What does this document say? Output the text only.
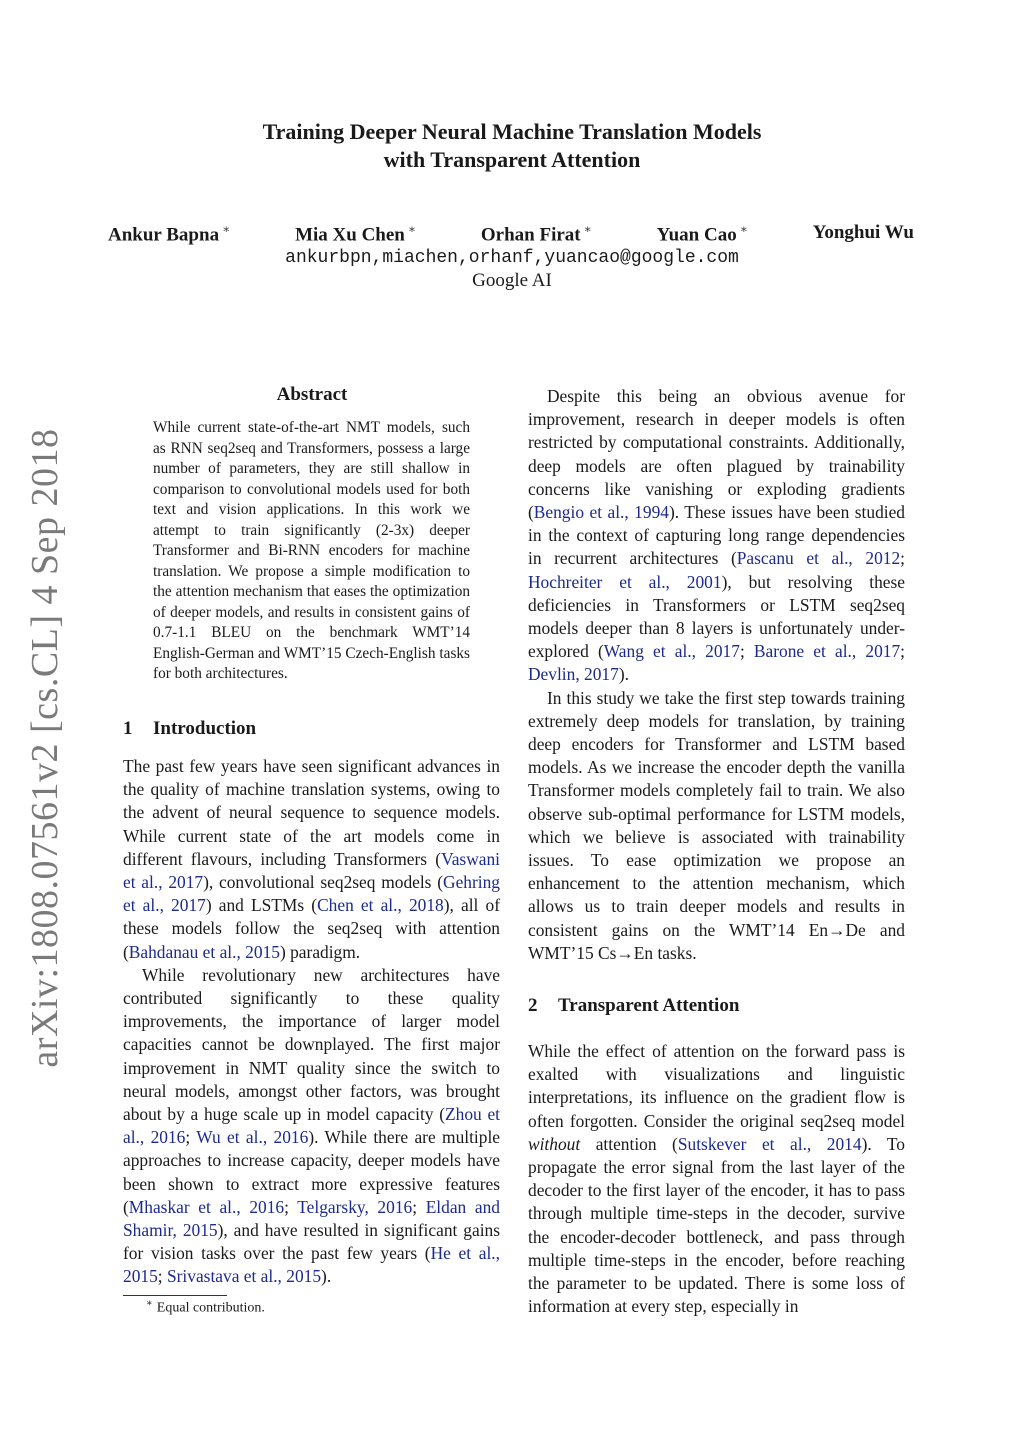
Training Deeper Neural Machine Translation Models
with Transparent Attention
Ankur Bapna ∗	Mia Xu Chen ∗	Orhan Firat ∗	Yuan Cao ∗	Yonghui Wu
ankurbpn,miachen,orhanf,yuancao@google.com
Google AI
arXiv:1808.07561v2 [cs.CL] 4 Sep 2018
Abstract
While current state-of-the-art NMT models, such as RNN seq2seq and Transformers, possess a large number of parameters, they are still shallow in comparison to convolutional models used for both text and vision applications. In this work we attempt to train significantly (2-3x) deeper Transformer and Bi-RNN encoders for machine translation. We propose a simple modification to the attention mechanism that eases the optimization of deeper models, and results in consistent gains of 0.7-1.1 BLEU on the benchmark WMT’14 English-German and WMT’15 Czech-English tasks for both architectures.
1 Introduction

The past few years have seen significant advances in the quality of machine translation systems, owing to the advent of neural sequence to sequence models. While current state of the art models come in different flavours, including Transformers (Vaswani et al., 2017), convolutional seq2seq models (Gehring et al., 2017) and LSTMs (Chen et al., 2018), all of these models follow the seq2seq with attention (Bahdanau et al., 2015) paradigm.

While revolutionary new architectures have contributed significantly to these quality improvements, the importance of larger model capacities cannot be downplayed. The first major improvement in NMT quality since the switch to neural models, amongst other factors, was brought about by a huge scale up in model capacity (Zhou et al., 2016; Wu et al., 2016). While there are multiple approaches to increase capacity, deeper models have been shown to extract more expressive features (Mhaskar et al., 2016; Telgarsky, 2016; Eldan and Shamir, 2015), and have resulted in significant gains for vision tasks over the past few years (He et al., 2015; Srivastava et al., 2015).

∗ Equal contribution.

Despite this being an obvious avenue for improvement, research in deeper models is often restricted by computational constraints. Additionally, deep models are often plagued by trainability concerns like vanishing or exploding gradients (Bengio et al., 1994). These issues have been studied in the context of capturing long range dependencies in recurrent architectures (Pascanu et al., 2012; Hochreiter et al., 2001), but resolving these deficiencies in Transformers or LSTM seq2seq models deeper than 8 layers is unfortunately under-explored (Wang et al., 2017; Barone et al., 2017; Devlin, 2017).

In this study we take the first step towards training extremely deep models for translation, by training deep encoders for Transformer and LSTM based models. As we increase the encoder depth the vanilla Transformer models completely fail to train. We also observe sub-optimal performance for LSTM models, which we believe is associated with trainability issues. To ease optimization we propose an enhancement to the attention mechanism, which allows us to train deeper models and results in consistent gains on the WMT’14 En→De and WMT’15 Cs→En tasks.

2 Transparent Attention

While the effect of attention on the forward pass is exalted with visualizations and linguistic interpretations, its influence on the gradient flow is often forgotten. Consider the original seq2seq model without attention (Sutskever et al., 2014). To propagate the error signal from the last layer of the decoder to the first layer of the encoder, it has to pass through multiple time-steps in the decoder, survive the encoder-decoder bottleneck, and pass through multiple time-steps in the encoder, before reaching the parameter to be updated. There is some loss of information at every step, especially in
